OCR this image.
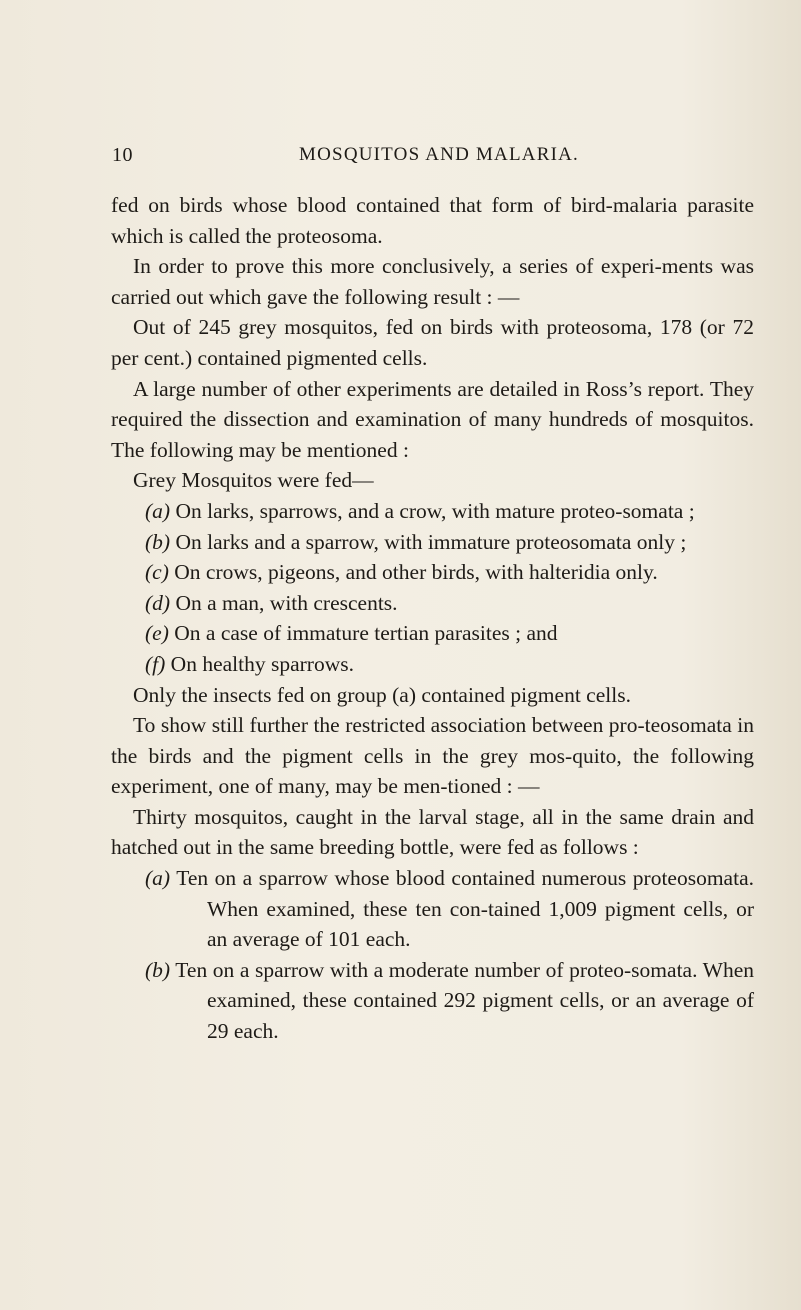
10	MOSQUITOS AND MALARIA.

fed on birds whose blood contained that form of bird-malaria parasite which is called the proteosoma.

In order to prove this more conclusively, a series of experi-ments was carried out which gave the following result : —

Out of 245 grey mosquitos, fed on birds with proteosoma, 178 (or 72 per cent.) contained pigmented cells.

A large number of other experiments are detailed in Ross’s report. They required the dissection and examination of many hundreds of mosquitos. The following may be mentioned :

Grey Mosquitos were fed—

(a) On larks, sparrows, and a crow, with mature proteo-somata ;

(b) On larks and a sparrow, with immature proteosomata only ;

(c) On crows, pigeons, and other birds, with halteridia only.

(d) On a man, with crescents.

(e) On a case of immature tertian parasites ; and

(f) On healthy sparrows.

Only the insects fed on group (a) contained pigment cells.

To show still further the restricted association between pro-teosomata in the birds and the pigment cells in the grey mos-quito, the following experiment, one of many, may be men-tioned : —

Thirty mosquitos, caught in the larval stage, all in the same drain and hatched out in the same breeding bottle, were fed as follows :

(a) Ten on a sparrow whose blood contained numerous proteosomata. When examined, these ten con-tained 1,009 pigment cells, or an average of 101 each.

(b) Ten on a sparrow with a moderate number of proteo-somata. When examined, these contained 292 pigment cells, or an average of 29 each.
